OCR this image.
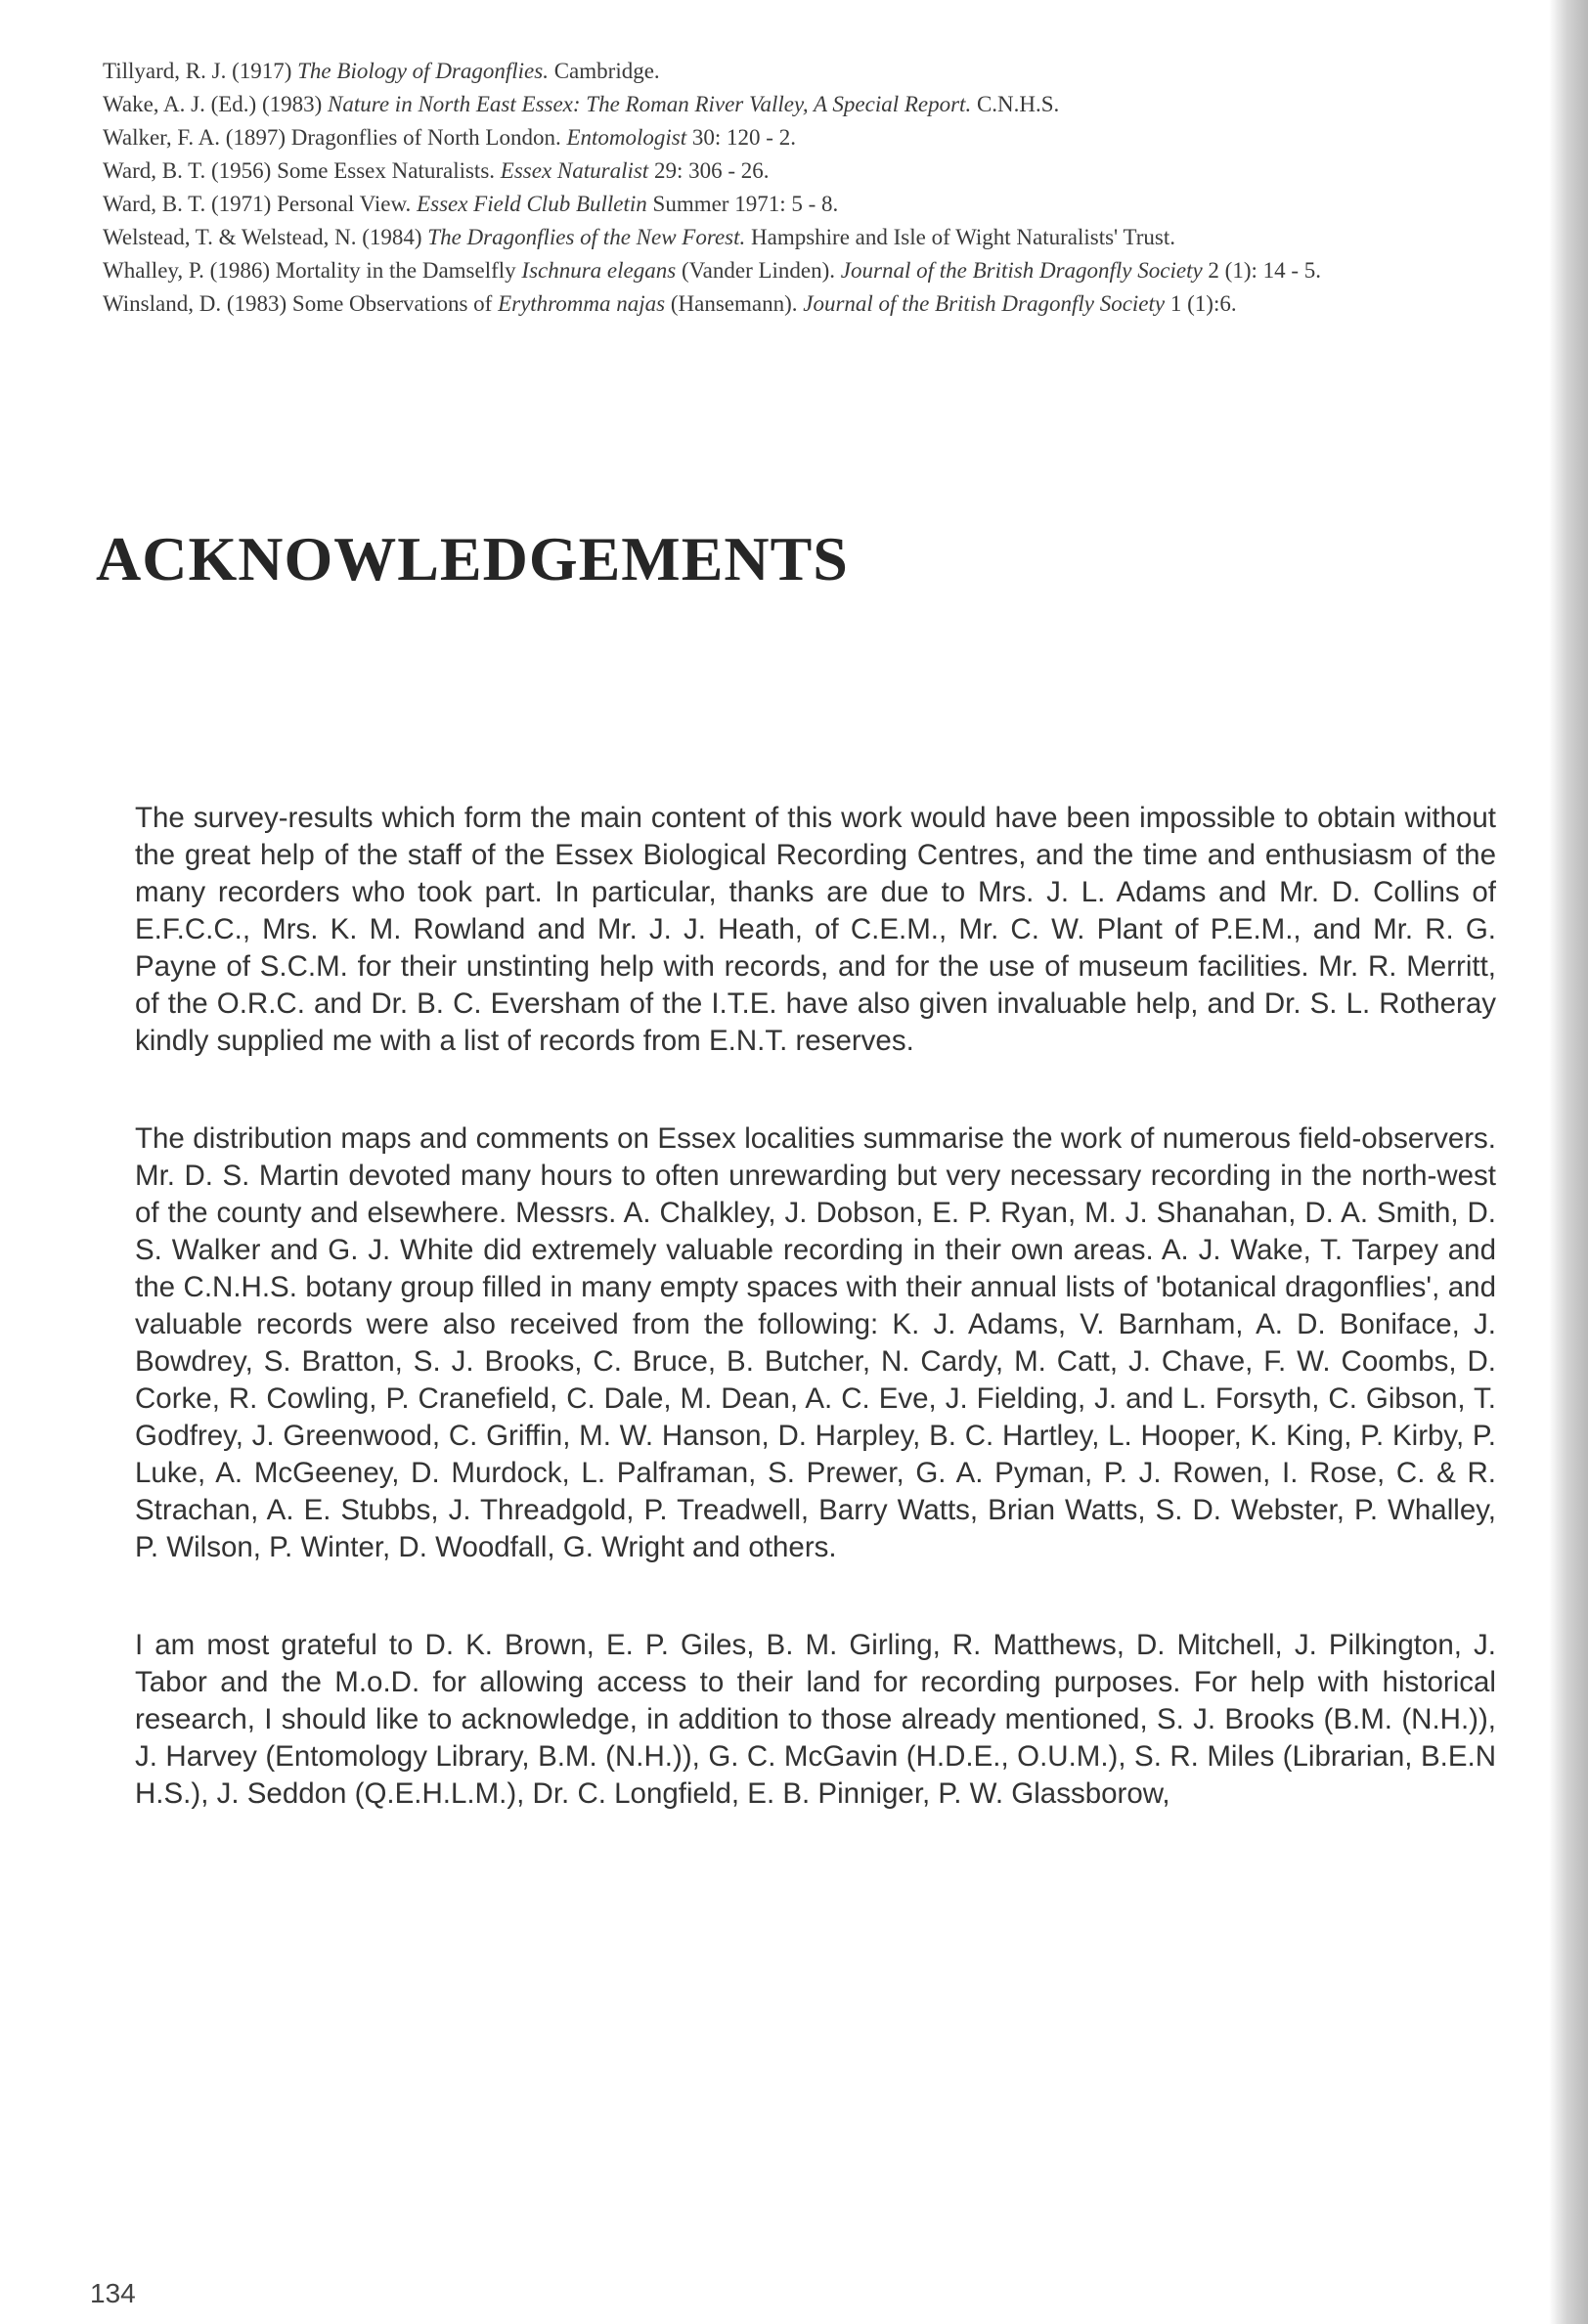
Tillyard, R. J. (1917) The Biology of Dragonflies. Cambridge.

Wake, A. J. (Ed.) (1983) Nature in North East Essex: The Roman River Valley, A Special Report. C.N.H.S.

Walker, F. A. (1897) Dragonflies of North London. Entomologist 30: 120 - 2.

Ward, B. T. (1956) Some Essex Naturalists. Essex Naturalist 29: 306 - 26.

Ward, B. T. (1971) Personal View. Essex Field Club Bulletin Summer 1971: 5 - 8.

Welstead, T. & Welstead, N. (1984) The Dragonflies of the New Forest. Hampshire and Isle of Wight Naturalists' Trust.

Whalley, P. (1986) Mortality in the Damselfly Ischnura elegans (Vander Linden). Journal of the British Dragonfly Society 2 (1): 14 - 5.

Winsland, D. (1983) Some Observations of Erythromma najas (Hansemann). Journal of the British Dragonfly Society 1 (1):6.

ACKNOWLEDGEMENTS

The survey-results which form the main content of this work would have been impossible to obtain without the great help of the staff of the Essex Biological Recording Centres, and the time and enthusiasm of the many recorders who took part. In particular, thanks are due to Mrs. J. L. Adams and Mr. D. Collins of E.F.C.C., Mrs. K. M. Rowland and Mr. J. J. Heath, of C.E.M., Mr. C. W. Plant of P.E.M., and Mr. R. G. Payne of S.C.M. for their unstinting help with records, and for the use of museum facilities. Mr. R. Merritt, of the O.R.C. and Dr. B. C. Eversham of the I.T.E. have also given invaluable help, and Dr. S. L. Rotheray kindly supplied me with a list of records from E.N.T. reserves.

The distribution maps and comments on Essex localities summarise the work of numerous field-observers. Mr. D. S. Martin devoted many hours to often unrewarding but very necessary recording in the north-west of the county and elsewhere. Messrs. A. Chalkley, J. Dobson, E. P. Ryan, M. J. Shanahan, D. A. Smith, D. S. Walker and G. J. White did extremely valuable recording in their own areas. A. J. Wake, T. Tarpey and the C.N.H.S. botany group filled in many empty spaces with their annual lists of 'botanical dragonflies', and valuable records were also received from the following: K. J. Adams, V. Barnham, A. D. Boniface, J. Bowdrey, S. Bratton, S. J. Brooks, C. Bruce, B. Butcher, N. Cardy, M. Catt, J. Chave, F. W. Coombs, D. Corke, R. Cowling, P. Cranefield, C. Dale, M. Dean, A. C. Eve, J. Fielding, J. and L. Forsyth, C. Gibson, T. Godfrey, J. Greenwood, C. Griffin, M. W. Hanson, D. Harpley, B. C. Hartley, L. Hooper, K. King, P. Kirby, P. Luke, A. McGeeney, D. Murdock, L. Palframan, S. Prewer, G. A. Pyman, P. J. Rowen, I. Rose, C. & R. Strachan, A. E. Stubbs, J. Threadgold, P. Treadwell, Barry Watts, Brian Watts, S. D. Webster, P. Whalley, P. Wilson, P. Winter, D. Woodfall, G. Wright and others.

I am most grateful to D. K. Brown, E. P. Giles, B. M. Girling, R. Matthews, D. Mitchell, J. Pilkington, J. Tabor and the M.o.D. for allowing access to their land for recording purposes. For help with historical research, I should like to acknowledge, in addition to those already mentioned, S. J. Brooks (B.M. (N.H.)), J. Harvey (Entomology Library, B.M. (N.H.)), G. C. McGavin (H.D.E., O.U.M.), S. R. Miles (Librarian, B.E.N H.S.), J. Seddon (Q.E.H.L.M.), Dr. C. Longfield, E. B. Pinniger, P. W. Glassborow,

134
